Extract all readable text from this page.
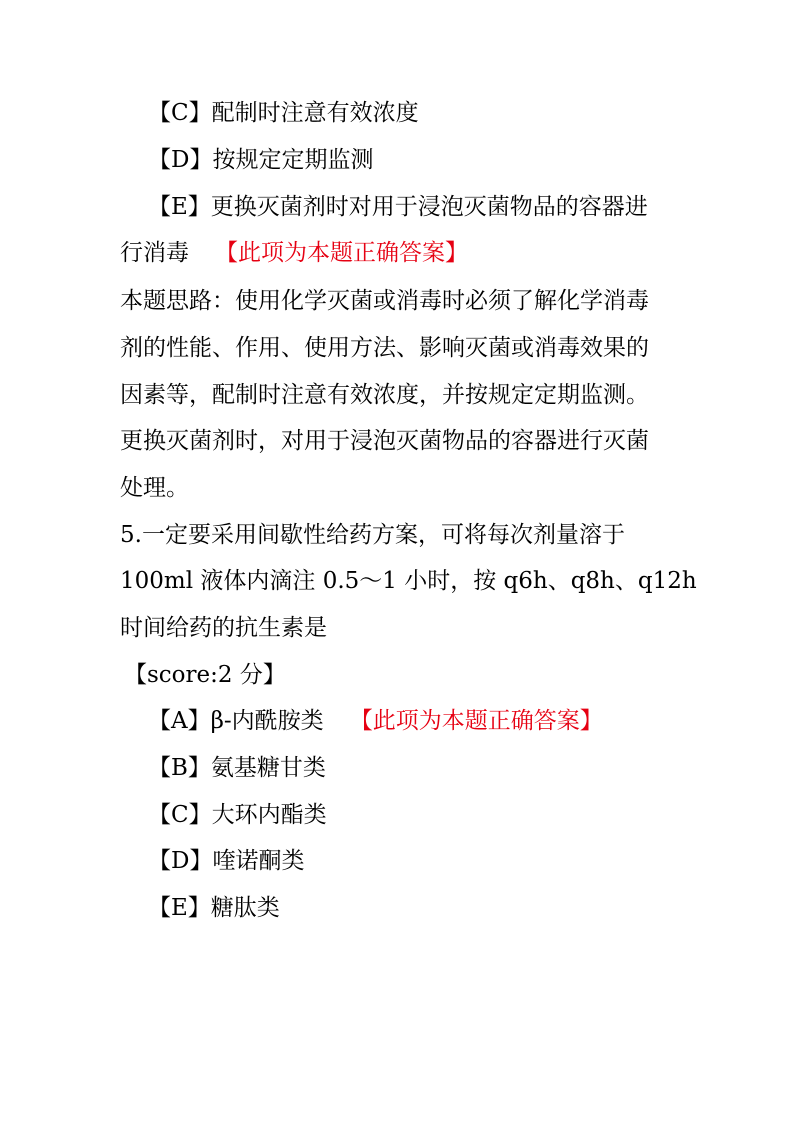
【C】配制时注意有效浓度
【D】按规定定期监测
【E】更换灭菌剂时对用于浸泡灭菌物品的容器进
行消毒 【此项为本题正确答案】
本题思路：使用化学灭菌或消毒时必须了解化学消毒
剂的性能、作用、使用方法、影响灭菌或消毒效果的
因素等，配制时注意有效浓度，并按规定定期监测。
更换灭菌剂时，对用于浸泡灭菌物品的容器进行灭菌
处理。
5.一定要采用间歇性给药方案，可将每次剂量溶于
100ml 液体内滴注 0.5～1 小时，按 q6h、q8h、q12h
时间给药的抗生素是
【score:2 分】
【A】β-内酰胺类 【此项为本题正确答案】
【B】氨基糖甘类
【C】大环内酯类
【D】喹诺酮类
【E】糖肽类
